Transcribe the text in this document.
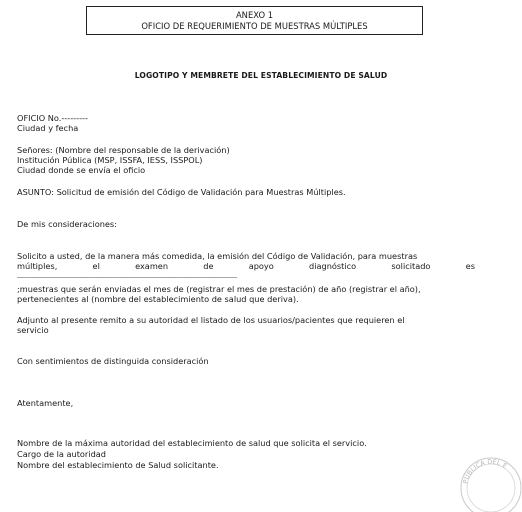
ANEXO 1
OFICIO DE REQUERIMIENTO DE MUESTRAS MÚLTIPLES
LOGOTIPO Y MEMBRETE DEL ESTABLECIMIENTO DE SALUD
OFICIO No.---------
Ciudad y fecha
Señores: (Nombre del responsable de la derivación)
Institución Pública (MSP, ISSFA, IESS, ISSPOL)
Ciudad donde se envía el oficio
ASUNTO: Solicitud de emisión del Código de Validación para Muestras Múltiples.
De mis consideraciones:
Solicito a usted, de la manera más comedida, la emisión del Código de Validación, para muestras
múltiples,	el	examen	de	apoyo	diagnóstico	solicitado	es
____________________________________________________________________________________________________
;muestras que serán enviadas el mes de (registrar el mes de prestación) de año (registrar el año),
pertenecientes al (nombre del establecimiento de salud que deriva).
Adjunto al presente remito a su autoridad el listado de los usuarios/pacientes que requieren el
servicio
Con sentimientos de distinguida consideración
Atentamente,
Nombre de la máxima autoridad del establecimiento de salud que solicita el servicio.
Cargo de la autoridad
Nombre del establecimiento de Salud solicitante.
PÚBLICA DEL E
